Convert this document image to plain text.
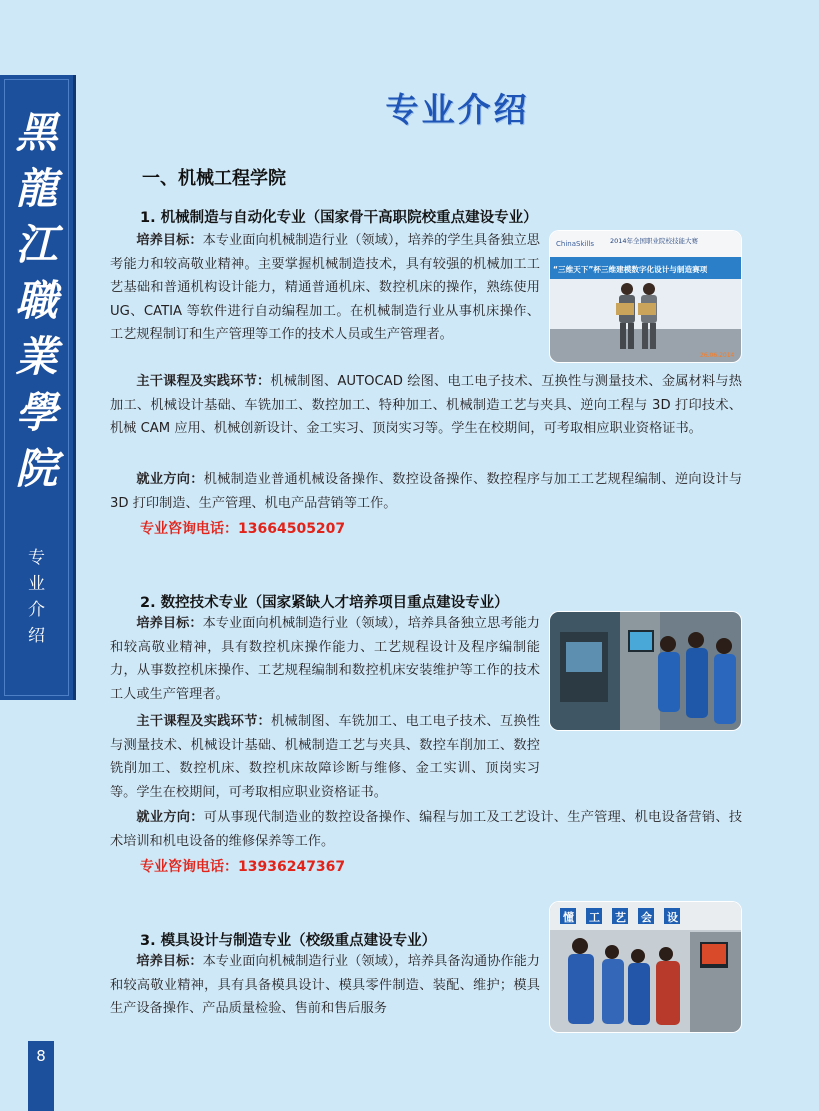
黑
龍
江
職
業
學
院
专
业
介
绍
8
专业介绍
一、机械工程学院
1. 机械制造与自动化专业（国家骨干高职院校重点建设专业）

培养目标：本专业面向机械制造行业（领域），培养的学生具备独立思考能力和较高敬业精神。主要掌握机械制造技术，具有较强的机械加工工艺基础和普通机构设计能力，精通普通机床、数控机床的操作，熟练使用 UG、CATIA 等软件进行自动编程加工。在机械制造行业从事机床操作、工艺规程制订和生产管理等工作的技术人员或生产管理者。

主干课程及实践环节：机械制图、AUTOCAD 绘图、电工电子技术、互换性与测量技术、金属材料与热加工、机械设计基础、车铣加工、数控加工、特种加工、机械制造工艺与夹具、逆向工程与 3D 打印技术、机械 CAM 应用、机械创新设计、金工实习、顶岗实习等。学生在校期间，可考取相应职业资格证书。

就业方向：机械制造业普通机械设备操作、数控设备操作、数控程序与加工工艺规程编制、逆向设计与 3D 打印制造、生产管理、机电产品营销等工作。

专业咨询电话：13664505207
2. 数控技术专业（国家紧缺人才培养项目重点建设专业）

培养目标：本专业面向机械制造行业（领域），培养具备独立思考能力和较高敬业精神，具有数控机床操作能力、工艺规程设计及程序编制能力，从事数控机床操作、工艺规程编制和数控机床安装维护等工作的技术工人或生产管理者。

主干课程及实践环节：机械制图、车铣加工、电工电子技术、互换性与测量技术、机械设计基础、机械制造工艺与夹具、数控车削加工、数控铣削加工、数控机床、数控机床故障诊断与维修、金工实训、顶岗实习等。学生在校期间，可考取相应职业资格证书。

就业方向：可从事现代制造业的数控设备操作、编程与加工及工艺设计、生产管理、机电设备营销、技术培训和机电设备的维修保养等工作。

专业咨询电话：13936247367
3. 模具设计与制造专业（校级重点建设专业）

培养目标：本专业面向机械制造行业（领域），培养具备沟通协作能力和较高敬业精神，具有具备模具设计、模具零件制造、装配、维护；模具生产设备操作、产品质量检验、售前和售后服务

ChinaSkills 2014年全国职业院校技能大赛
“三维天下”杯三维建模数字化设计与制造赛项
26.06.2014
懂 工 艺 会 设
